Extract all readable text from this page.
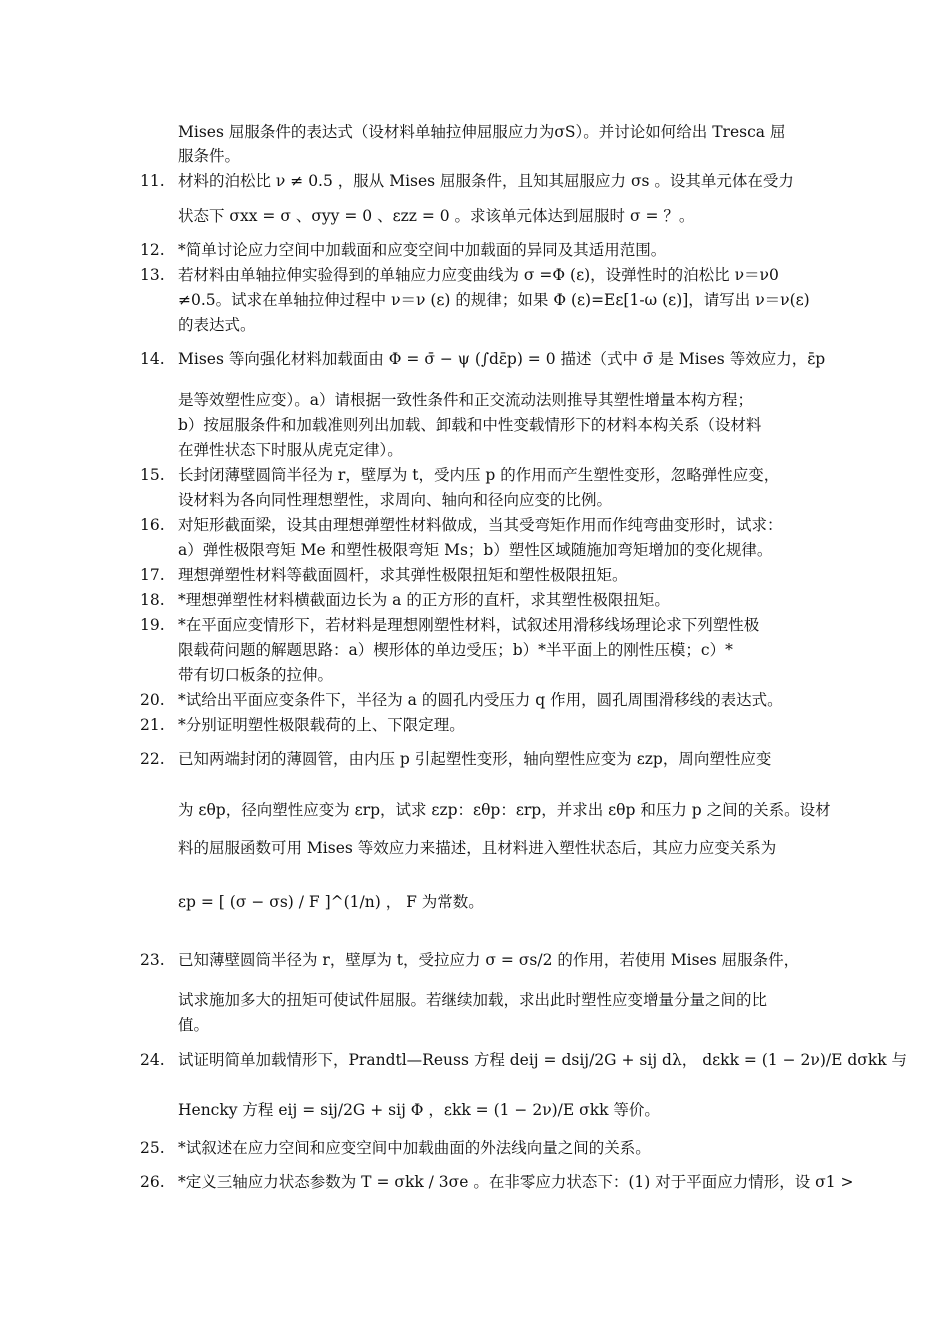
Mises 屈服条件的表达式（设材料单轴拉伸屈服应力为σS）。并讨论如何给出 Tresca 屈
服条件。
材料的泊松比 ν ≠ 0.5 ，服从 Mises 屈服条件，且知其屈服应力 σs 。设其单元体在受力
状态下 σxx = σ 、σyy = 0 、εzz = 0 。求该单元体达到屈服时 σ = ？。
*简单讨论应力空间中加载面和应变空间中加载面的异同及其适用范围。
若材料由单轴拉伸实验得到的单轴应力应变曲线为 σ =Φ (ε)，设弹性时的泊松比 ν＝ν0
≠0.5。试求在单轴拉伸过程中 ν＝ν (ε) 的规律；如果 Φ (ε)=Eε[1-ω (ε)]，请写出 ν＝ν(ε)
的表达式。
Mises 等向强化材料加载面由 Φ = σ̄ − ψ (∫dε̄p) = 0 描述（式中 σ̄ 是 Mises 等效应力，ε̄p
是等效塑性应变）。a）请根据一致性条件和正交流动法则推导其塑性增量本构方程；
b）按屈服条件和加载准则列出加载、卸载和中性变载情形下的材料本构关系（设材料
在弹性状态下时服从虎克定律）。
长封闭薄壁圆筒半径为 r，壁厚为 t，受内压 p 的作用而产生塑性变形，忽略弹性应变，
设材料为各向同性理想塑性，求周向、轴向和径向应变的比例。
对矩形截面梁，设其由理想弹塑性材料做成，当其受弯矩作用而作纯弯曲变形时，试求：
a）弹性极限弯矩 Me 和塑性极限弯矩 Ms；b）塑性区域随施加弯矩增加的变化规律。
理想弹塑性材料等截面圆杆，求其弹性极限扭矩和塑性极限扭矩。
*理想弹塑性材料横截面边长为 a 的正方形的直杆，求其塑性极限扭矩。
*在平面应变情形下，若材料是理想刚塑性材料，试叙述用滑移线场理论求下列塑性极
限载荷问题的解题思路：a）楔形体的单边受压；b）*半平面上的刚性压模；c）*
带有切口板条的拉伸。
*试给出平面应变条件下，半径为 a 的圆孔内受压力 q 作用，圆孔周围滑移线的表达式。
*分别证明塑性极限载荷的上、下限定理。
已知两端封闭的薄圆管，由内压 p 引起塑性变形，轴向塑性应变为 εzp，周向塑性应变
为 εθp，径向塑性应变为 εrp，试求 εzp：εθp：εrp，并求出 εθp 和压力 p 之间的关系。设材
料的屈服函数可用 Mises 等效应力来描述，且材料进入塑性状态后，其应力应变关系为
εp = [ (σ − σs) / F ]^(1/n) ， F 为常数。
已知薄壁圆筒半径为 r，壁厚为 t，受拉应力 σ = σs/2 的作用，若使用 Mises 屈服条件，
试求施加多大的扭矩可使试件屈服。若继续加载，求出此时塑性应变增量分量之间的比
值。
试证明简单加载情形下，Prandtl—Reuss 方程 deij = dsij/2G + sij dλ， dεkk = (1 − 2ν)/E dσkk 与
Hencky 方程 eij = sij/2G + sij Φ ，εkk = (1 − 2ν)/E σkk 等价。
*试叙述在应力空间和应变空间中加载曲面的外法线向量之间的关系。
*定义三轴应力状态参数为 T = σkk / 3σe 。在非零应力状态下：(1) 对于平面应力情形，设 σ1 >
11.
12.
13.
14.
15.
16.
17.
18.
19.
20.
21.
22.
23.
24.
25.
26.
